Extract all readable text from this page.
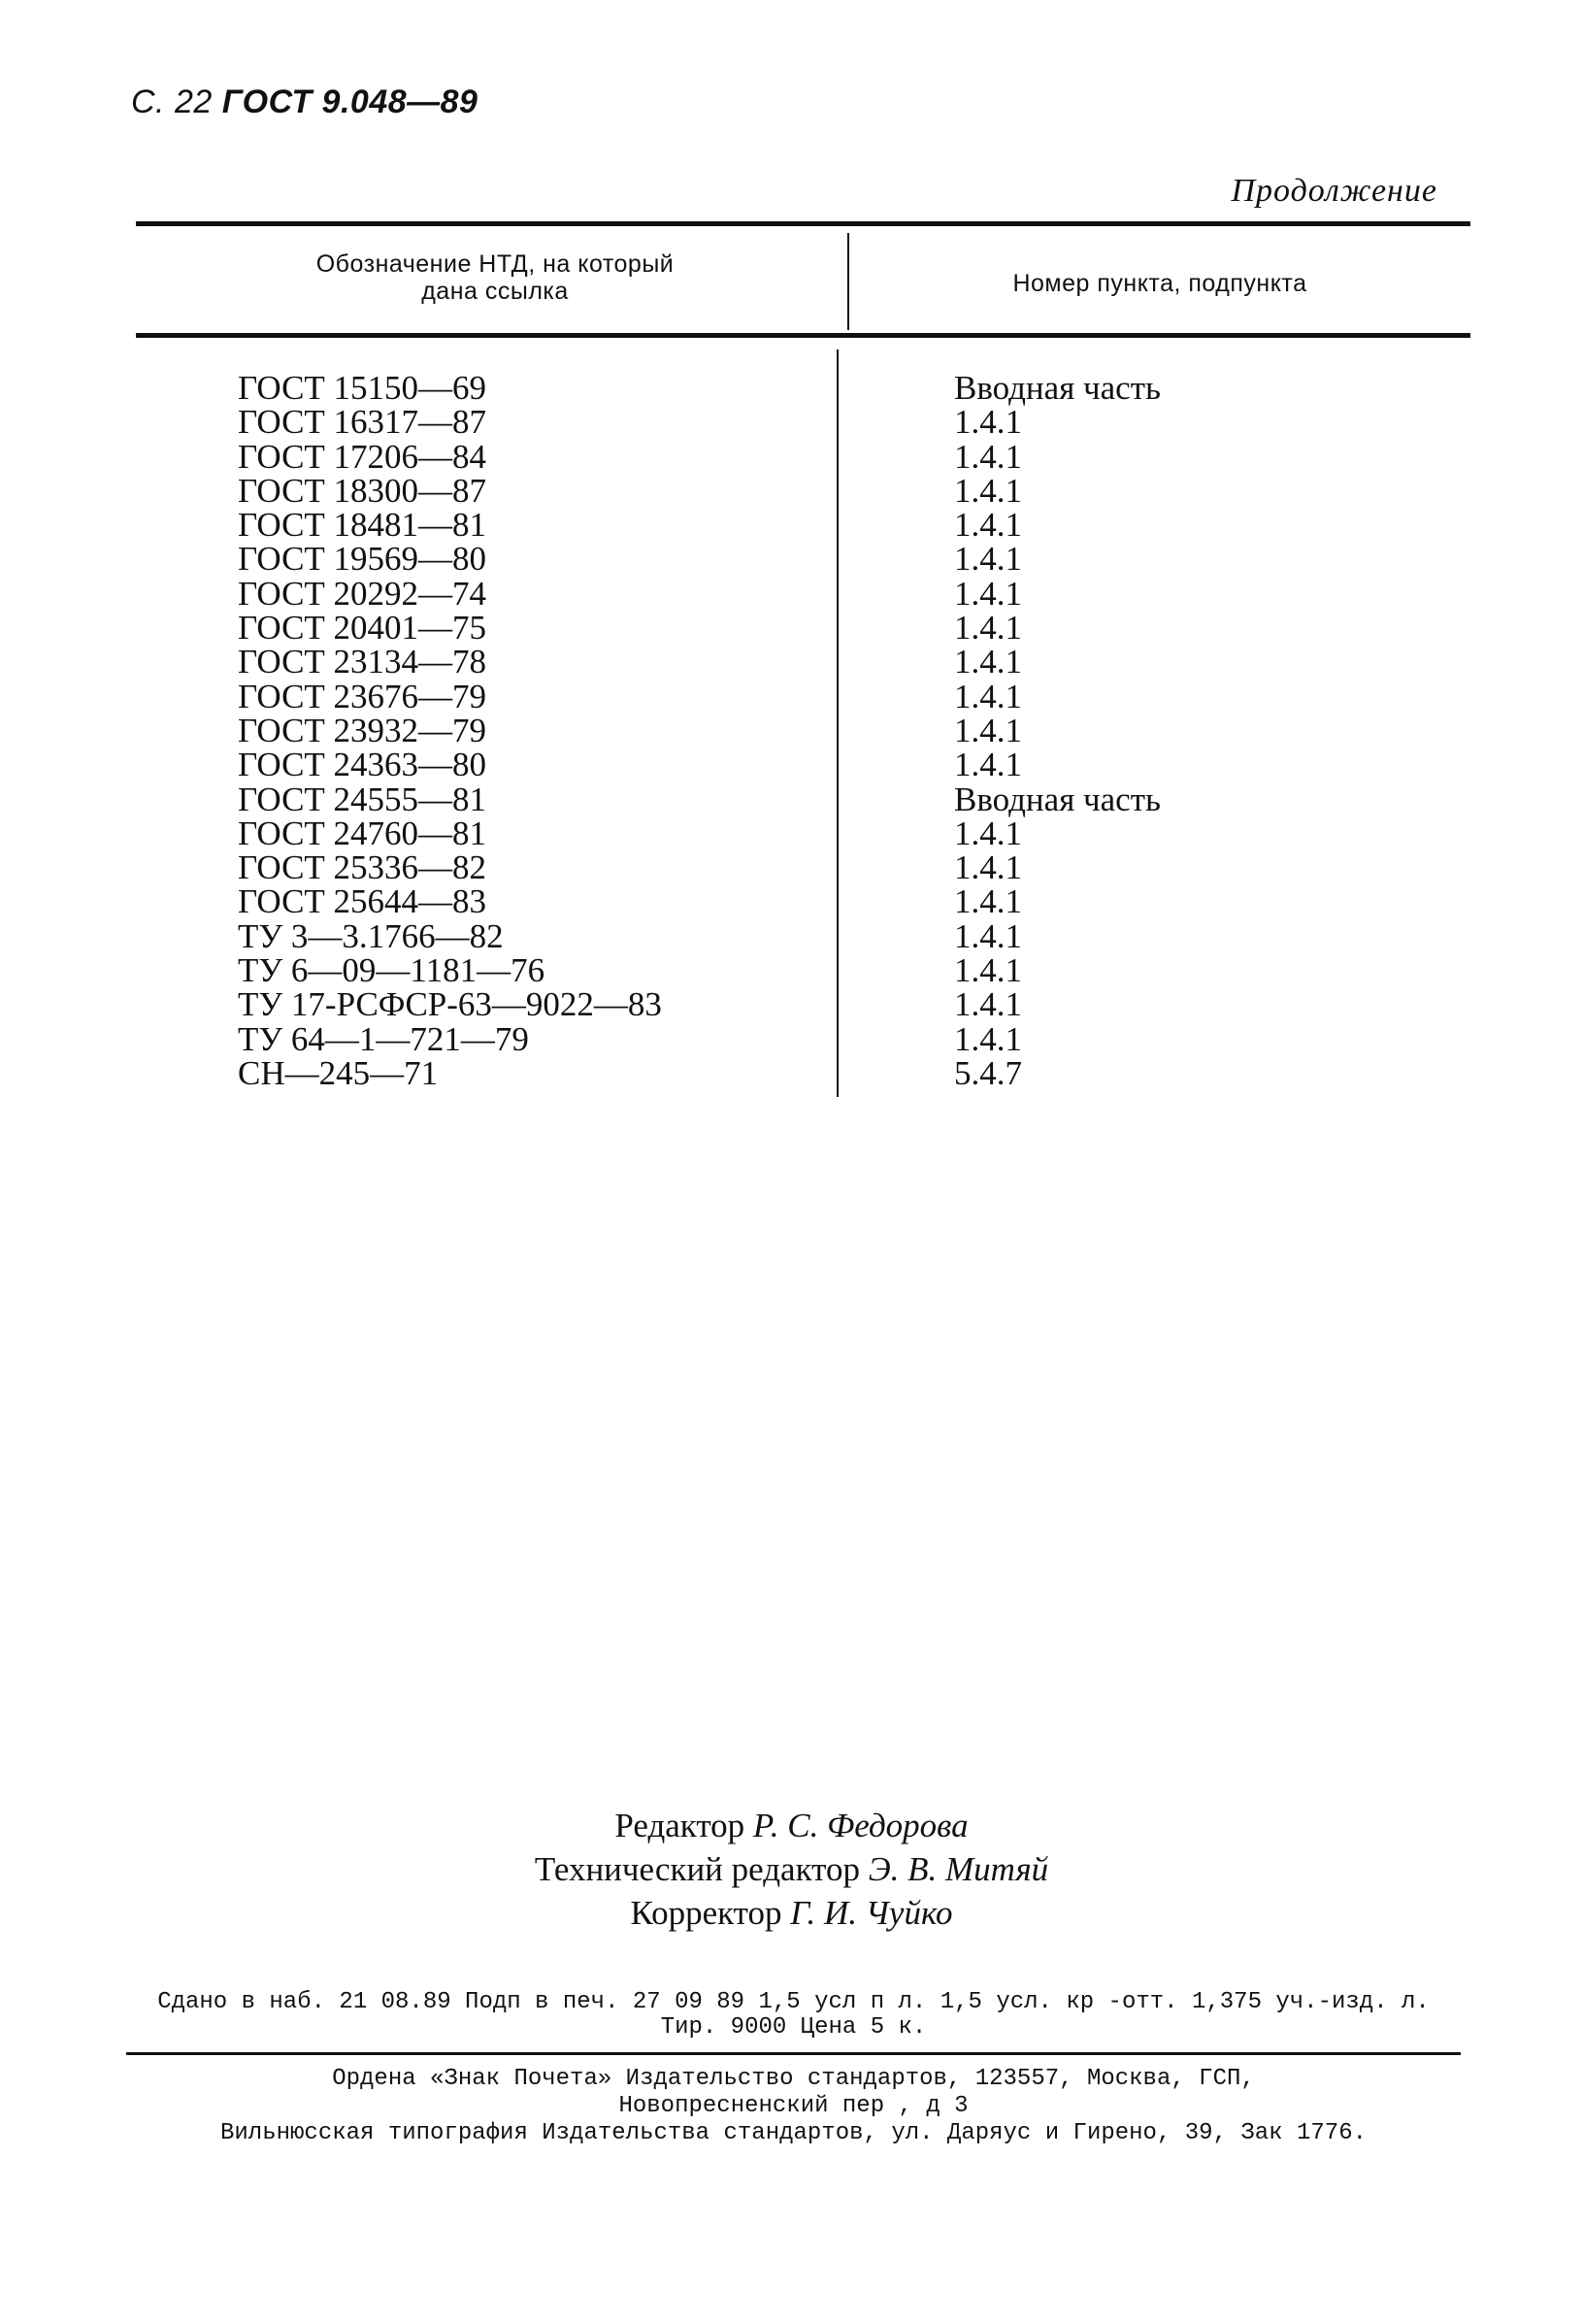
С. 22 ГОСТ 9.048—89
Продолжение
Обозначение НТД, на который
дана ссылка	Номер пункта, подпункта
ГОСТ 15150—69
ГОСТ 16317—87
ГОСТ 17206—84
ГОСТ 18300—87
ГОСТ 18481—81
ГОСТ 19569—80
ГОСТ 20292—74
ГОСТ 20401—75
ГОСТ 23134—78
ГОСТ 23676—79
ГОСТ 23932—79
ГОСТ 24363—80
ГОСТ 24555—81
ГОСТ 24760—81
ГОСТ 25336—82
ГОСТ 25644—83
ТУ 3—3.1766—82
ТУ 6—09—1181—76
ТУ 17-РСФСР-63—9022—83
ТУ 64—1—721—79
СН—245—71
Вводная часть
1.4.1
1.4.1
1.4.1
1.4.1
1.4.1
1.4.1
1.4.1
1.4.1
1.4.1
1.4.1
1.4.1
Вводная часть
1.4.1
1.4.1
1.4.1
1.4.1
1.4.1
1.4.1
1.4.1
5.4.7
Редактор Р. С. Федорова
Технический редактор Э. В. Митяй
Корректор Г. И. Чуйко
Сдано в наб. 21 08.89 Подп в печ. 27 09 89 1,5 усл п л. 1,5 усл. кр -отт. 1,375 уч.-изд. л.
Тир. 9000 Цена 5 к.
Ордена «Знак Почета» Издательство стандартов, 123557, Москва, ГСП,
Новопресненский пер , д 3
Вильнюсская типография Издательства стандартов, ул. Даряус и Гирено, 39, Зак 1776.
